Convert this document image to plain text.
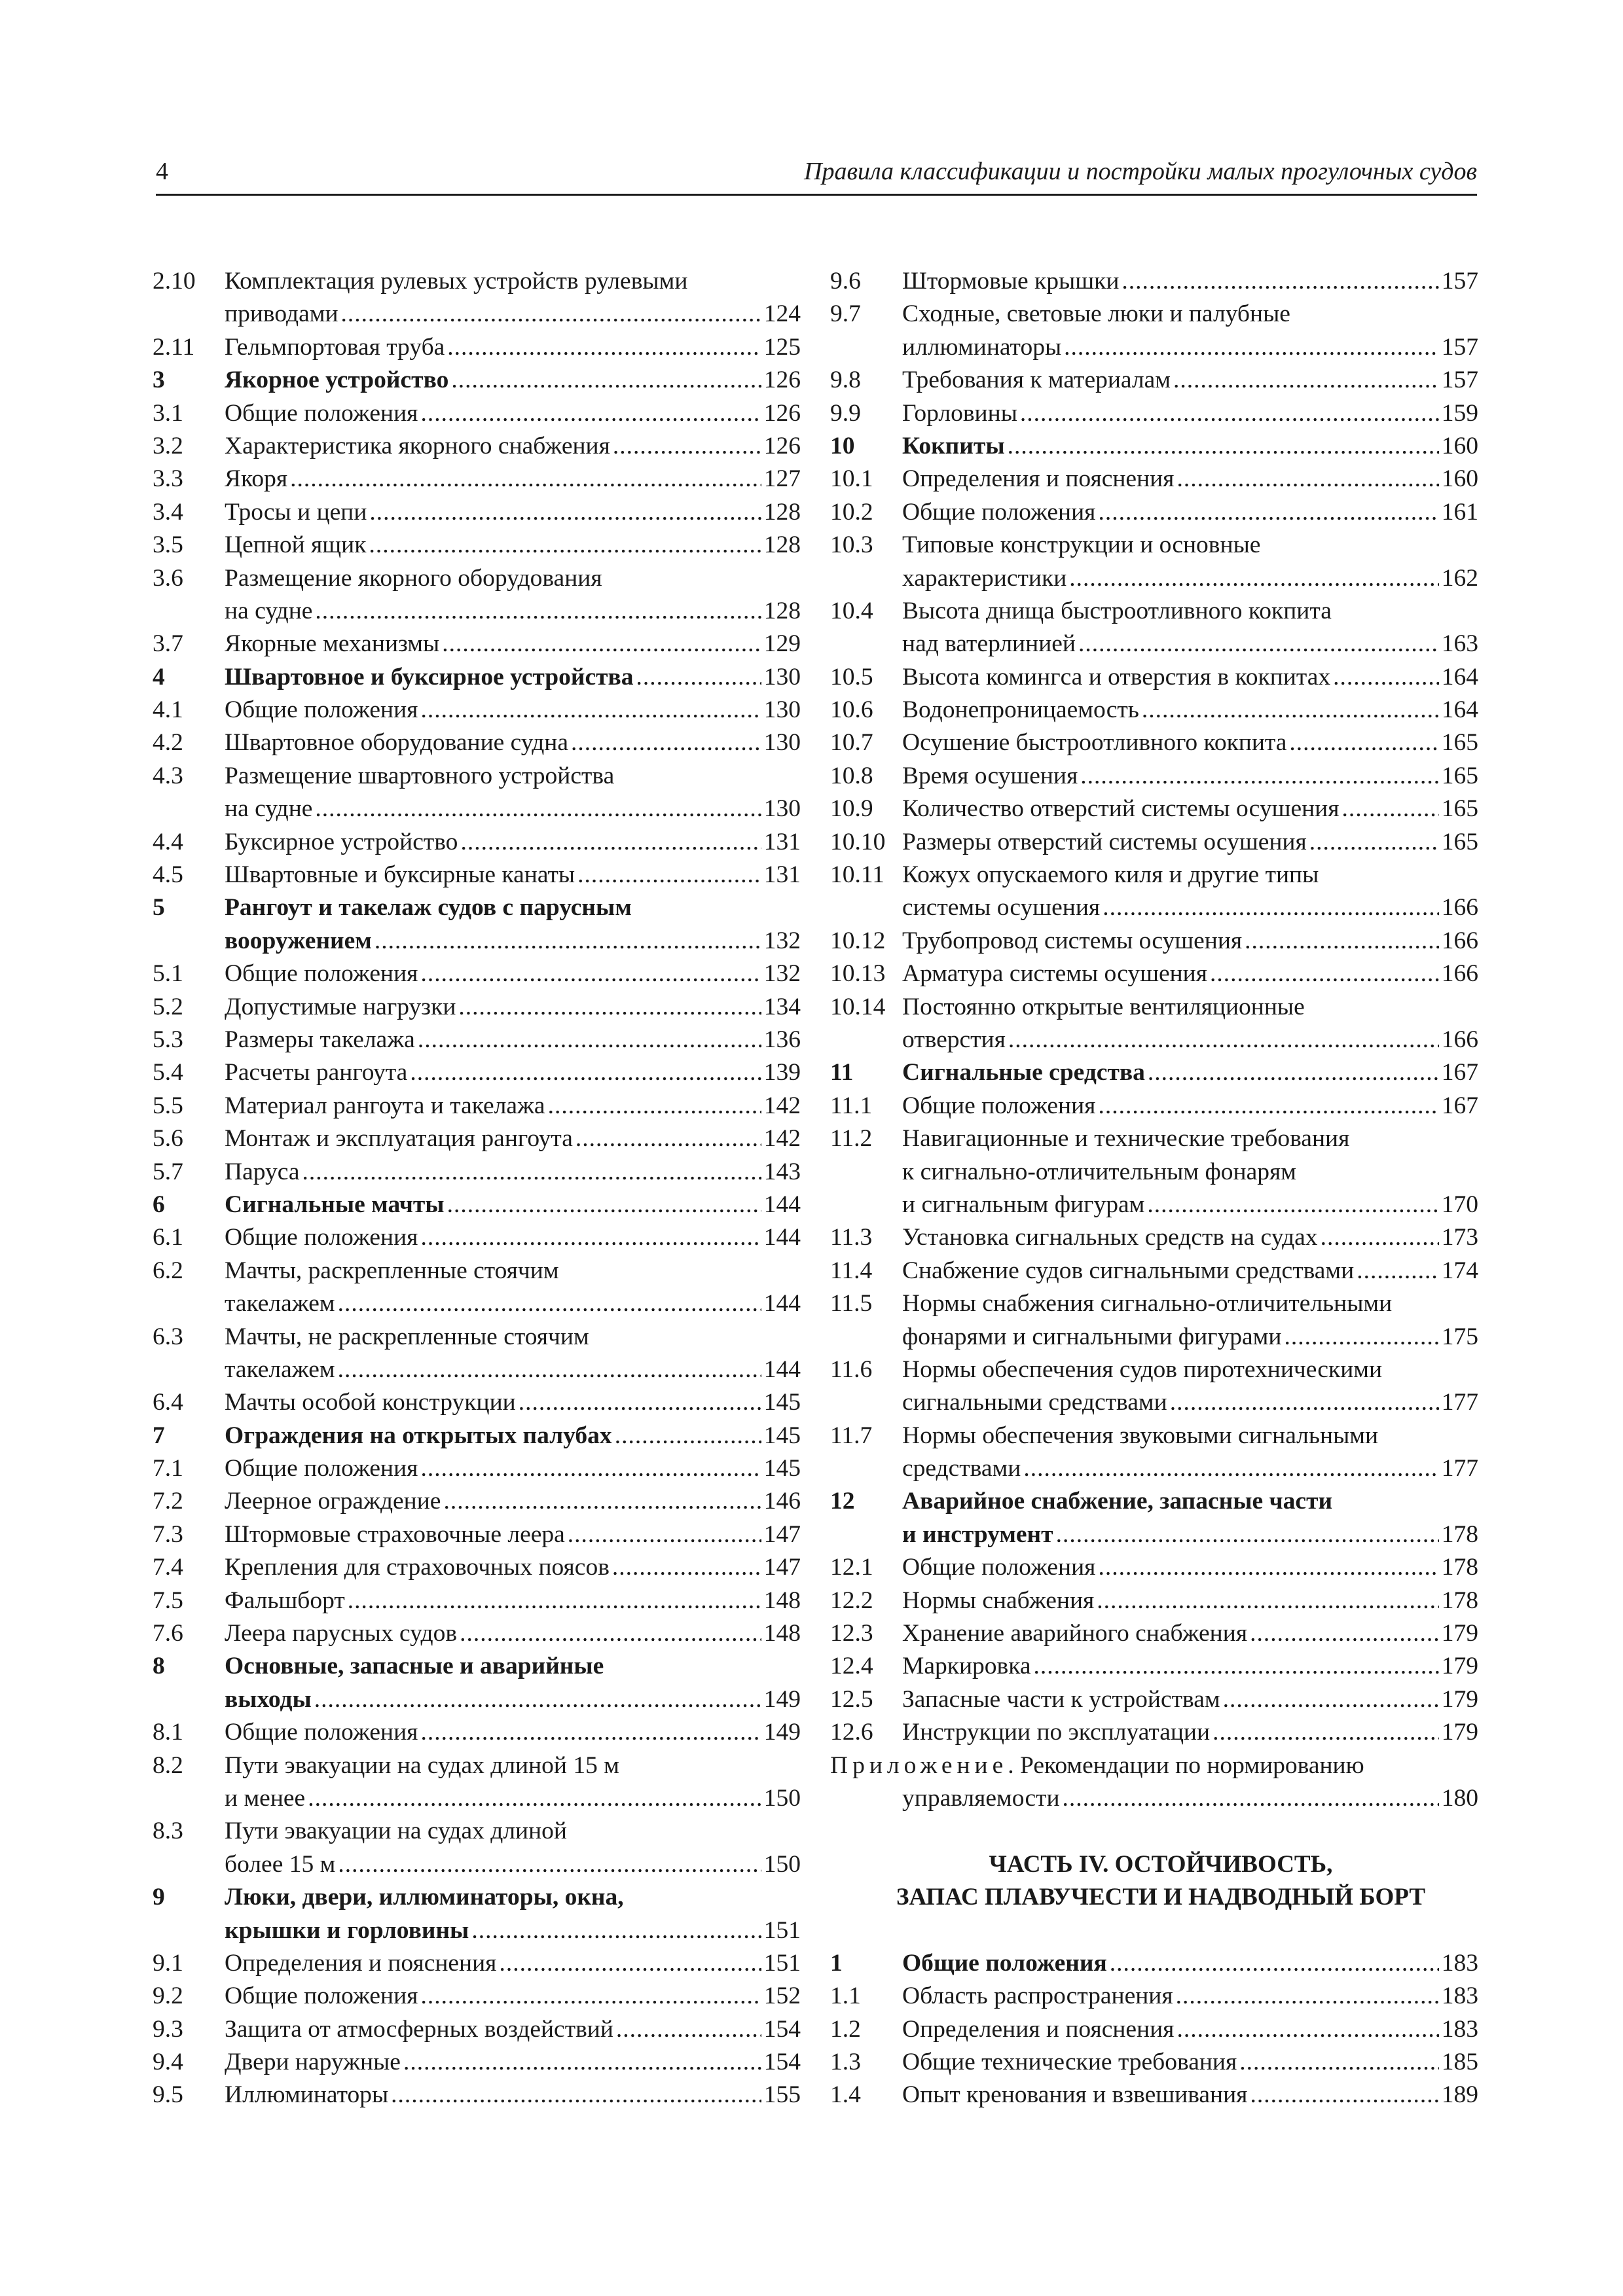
4	Правила классификации и постройки малых прогулочных судов
2.10	Комплектация рулевых устройств рулевыми
приводами .....	124
2.11	Гельмпортовая труба .....	125
3	Якорное устройство .....	126
3.1	Общие положения .....	126
3.2	Характеристика якорного снабжения .....	126
3.3	Якоря .....	127
3.4	Тросы и цепи .....	128
3.5	Цепной ящик .....	128
3.6	Размещение якорного оборудования
на судне .....	128
3.7	Якорные механизмы .....	129
4	Швартовное и буксирное устройства .....	130
4.1	Общие положения .....	130
4.2	Швартовное оборудование судна .....	130
4.3	Размещение швартовного устройства
на судне .....	130
4.4	Буксирное устройство .....	131
4.5	Швартовные и буксирные канаты .....	131
5	Рангоут и такелаж судов с парусным
вооружением .....	132
5.1	Общие положения .....	132
5.2	Допустимые нагрузки .....	134
5.3	Размеры такелажа .....	136
5.4	Расчеты рангоута .....	139
5.5	Материал рангоута и такелажа .....	142
5.6	Монтаж и эксплуатация рангоута .....	142
5.7	Паруса .....	143
6	Сигнальные мачты .....	144
6.1	Общие положения .....	144
6.2	Мачты, раскрепленные стоячим
такелажем .....	144
6.3	Мачты, не раскрепленные стоячим
такелажем .....	144
6.4	Мачты особой конструкции .....	145
7	Ограждения на открытых палубах .....	145
7.1	Общие положения .....	145
7.2	Леерное ограждение .....	146
7.3	Штормовые страховочные леера .....	147
7.4	Крепления для страховочных поясов .....	147
7.5	Фальшборт .....	148
7.6	Леера парусных судов .....	148
8	Основные, запасные и аварийные
выходы .....	149
8.1	Общие положения .....	149
8.2	Пути эвакуации на судах длиной 15 м
и менее .....	150
8.3	Пути эвакуации на судах длиной
более 15 м .....	150
9	Люки, двери, иллюминаторы, окна,
крышки и горловины .....	151
9.1	Определения и пояснения .....	151
9.2	Общие положения .....	152
9.3	Защита от атмосферных воздействий .....	154
9.4	Двери наружные .....	154
9.5	Иллюминаторы .....	155
9.6	Штормовые крышки .....	157
9.7	Сходные, световые люки и палубные
иллюминаторы .....	157
9.8	Требования к материалам .....	157
9.9	Горловины .....	159
10	Кокпиты .....	160
10.1	Определения и пояснения .....	160
10.2	Общие положения .....	161
10.3	Типовые конструкции и основные
характеристики .....	162
10.4	Высота днища быстроотливного кокпита
над ватерлинией .....	163
10.5	Высота комингса и отверстия в кокпитах .....	164
10.6	Водонепроницаемость .....	164
10.7	Осушение быстроотливного кокпита .....	165
10.8	Время осушения .....	165
10.9	Количество отверстий системы осушения .....	165
10.10 Размеры отверстий системы осушения .....	165
10.11 Кожух опускаемого киля и другие типы
системы осушения .....	166
10.12 Трубопровод системы осушения .....	166
10.13 Арматура системы осушения .....	166
10.14 Постоянно открытые вентиляционные
отверстия .....	166
11	Сигнальные средства .....	167
11.1	Общие положения .....	167
11.2	Навигационные и технические требования
к сигнально-отличительным фонарям
и сигнальным фигурам .....	170
11.3	Установка сигнальных средств на судах .....	173
11.4	Снабжение судов сигнальными средствами .....	174
11.5	Нормы снабжения сигнально-отличительными
фонарями и сигнальными фигурами .....	175
11.6	Нормы обеспечения судов пиротехническими
сигнальными средствами .....	177
11.7	Нормы обеспечения звуковыми сигнальными
средствами .....	177
12	Аварийное снабжение, запасные части
и инструмент .....	178
12.1	Общие положения .....	178
12.2	Нормы снабжения .....	178
12.3	Хранение аварийного снабжения .....	179
12.4	Маркировка .....	179
12.5	Запасные части к устройствам .....	179
12.6	Инструкции по эксплуатации .....	179
Приложение . Рекомендации по нормированию
управляемости .....	180
ЧАСТЬ IV. ОСТОЙЧИВОСТЬ,
ЗАПАС ПЛАВУЧЕСТИ И НАДВОДНЫЙ БОРТ
1	Общие положения .....	183
1.1	Область распространения .....	183
1.2	Определения и пояснения .....	183
1.3	Общие технические требования .....	185
1.4	Опыт кренования и взвешивания .....	189
